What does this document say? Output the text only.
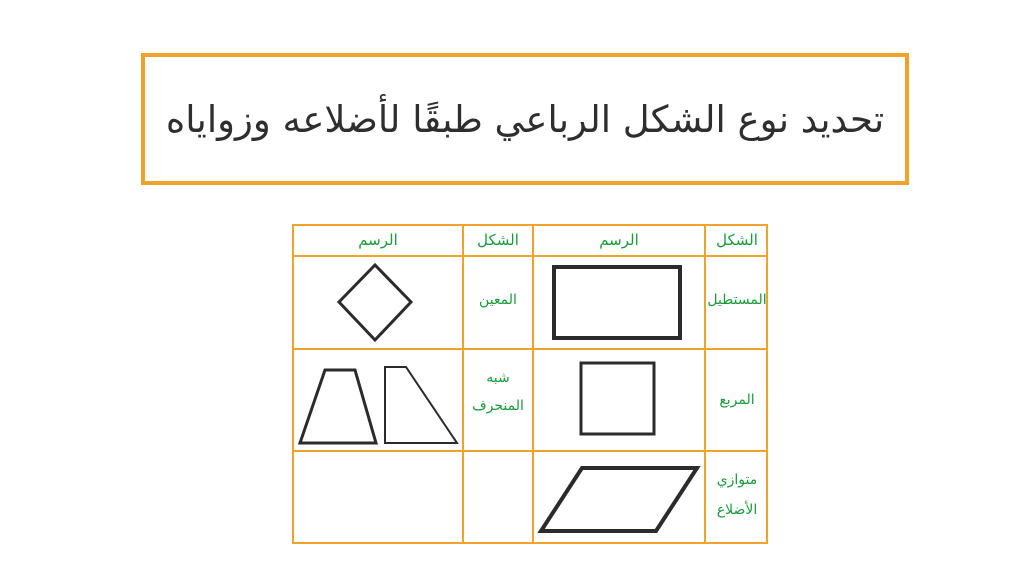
تحديد نوع الشكل الرباعي طبقًا لأضلاعه وزواياه
الشكل
الرسم
الشكل
الرسم
المستطيل
المعين
المربع
شبه
المنحرف
متوازي
الأضلاع
